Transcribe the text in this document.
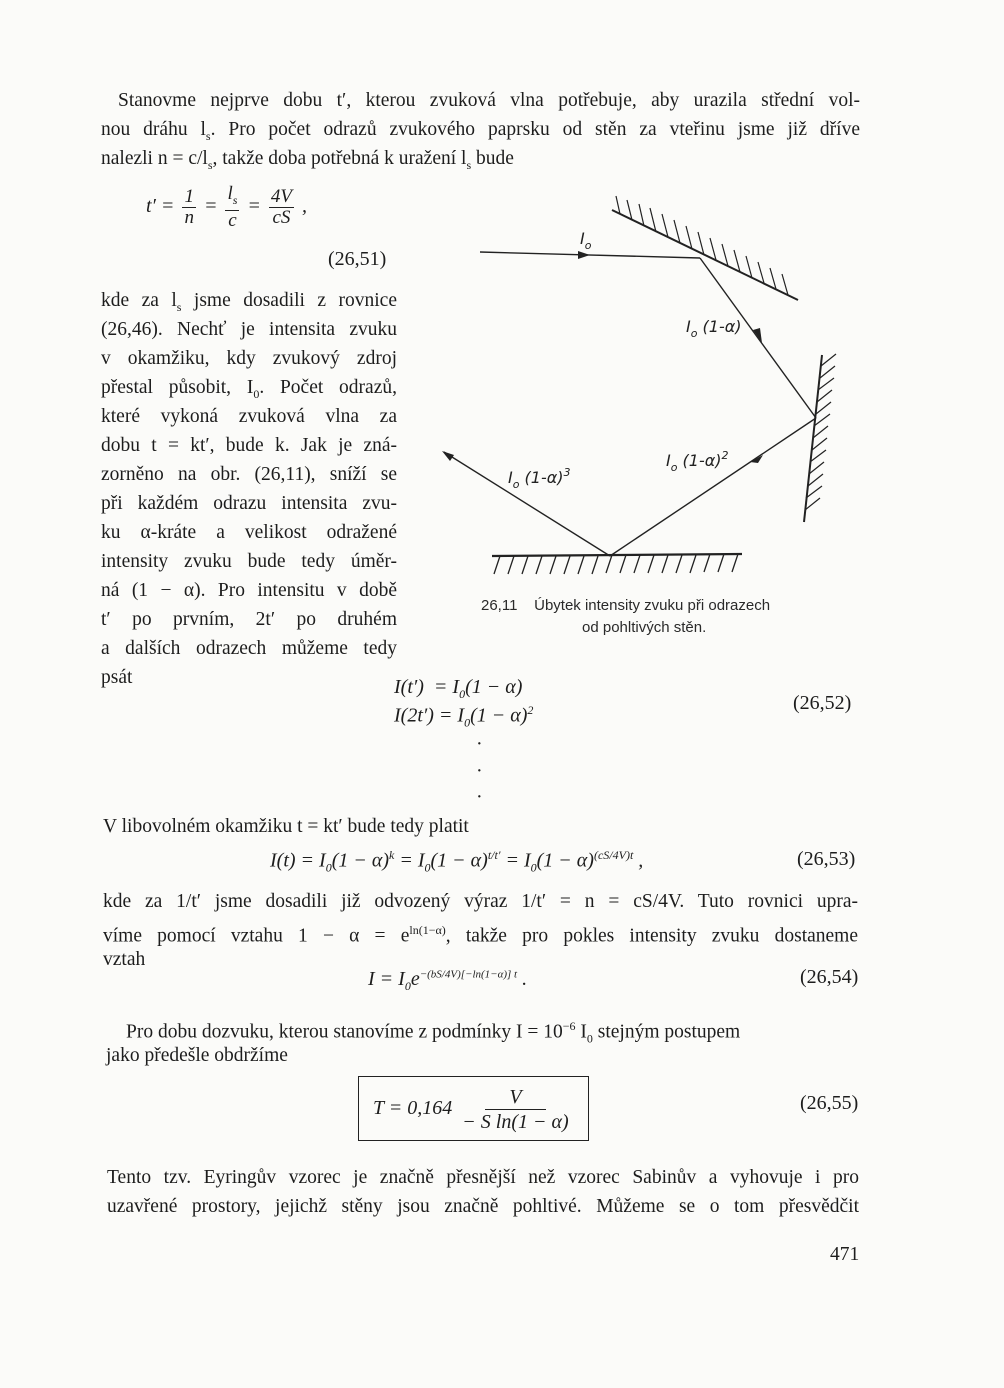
Stanovme nejprve dobu t′, kterou zvuková vlna potřebuje, aby urazila střední vol-
nou dráhu $l_s$. Pro počet odrazů zvukového paprsku od stěn za vteřinu jsme již dříve
nalezli $n = c/l_s$, takže doba potřebná k uražení $l_s$ bude
$t' = \frac{1}{n} = \frac{l_s}{c} = \frac{4V}{cS}$ ,
(26,51)
kde za $l_s$ jsme dosadili z rovnice
(26,46). Nechť je intensita zvuku
v okamžiku, kdy zvukový zdroj
přestal působit, $I_0$. Počet odrazů,
které vykoná zvuková vlna za
dobu t = kt′, bude k. Jak je zná-
zorněno na obr. (26,11), sníží se
při každém odrazu intensita zvu-
ku α-kráte a velikost odražené
intensity zvuku bude tedy úměr-
ná (1 − α). Pro intensitu v době
t′ po prvním, 2t′ po druhém
a dalších odrazech můžeme tedy
psát
$I_o$
$I_o$ (1-α)
$I_o$ $(1-\alpha)^2$
$I_o$ $(1-\alpha)^3$
26,11 Úbytek intensity zvuku při odrazech
od pohltivých stěn.
$I(t') = I_0(1 - \alpha)$
$I(2t') = I_0(1 - \alpha)^2$	(26,52)
·
·
·
V libovolném okamžiku t = kt′ bude tedy platit
$I(t) = I_0(1 - \alpha)^k = I_0(1 - \alpha)^{t/t'} = I_0(1 - \alpha)^{(cS/4V)t}$ ,	(26,53)
kde za 1/t′ jsme dosadili již odvozený výraz 1/t′ = n = cS/4V. Tuto rovnici upra-
víme pomocí vztahu $1 - \alpha = e^{ln(1-\alpha)}$, takže pro pokles intensity zvuku dostaneme
vztah
$I = I_0e^{-(bS/4V)[-ln(1-\alpha)] t}$ .	(26,54)
Pro dobu dozvuku, kterou stanovíme z podmínky $I = 10^{-6}$ $I_0$ stejným postupem
jako předešle obdržíme
$T = 0,164 \frac{V}{\text{− S ln(1 − α)}}$	(26,55)
Tento tzv. Eyringův vzorec je značně přesnější než vzorec Sabinův a vyhovuje i pro
uzavřené prostory, jejichž stěny jsou značně pohltivé. Můžeme se o tom přesvědčit
471
